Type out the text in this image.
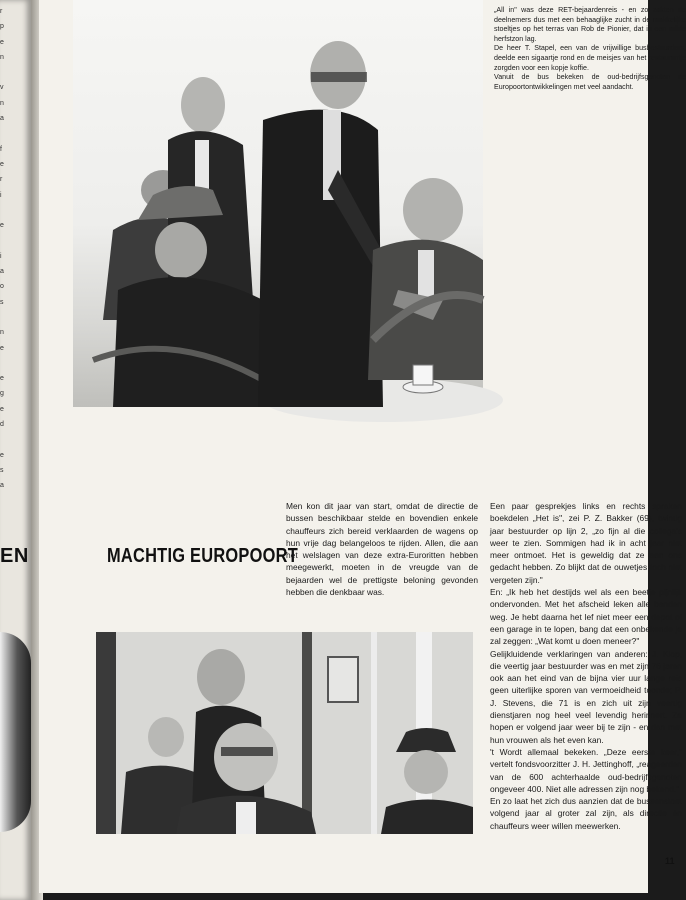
r
p
e
n

v
n
a

f
e
r
i

e

i
a
o
s

n
e

e
g
e
d

e
s
a
EN

„All in" was deze RET-bejaardenreis - en zo zakten de deelnemers dus met een behaaglijke zucht in de makkelijke stoeltjes op het terras van Rob de Pionier, dat in een milde herfstzon lag.

De heer T. Stapel, een van de vrijwillige busbestuurders, deelde een sigaartje rond en de meisjes van het restaurantje zorgden voor een kopje koffie.

Vanuit de bus bekeken de oud-bedrijfsgenoten de Europoortontwikkelingen met veel aandacht.

MACHTIG EUROPOORT

Men kon dit jaar van start, omdat de directie de bussen beschikbaar stelde en bovendien enkele chauffeurs zich bereid verklaarden de wagens op hun vrije dag belangeloos te rijden. Allen, die aan het welslagen van deze extra-Euroritten hebben meegewerkt, moeten in de vreugde van de bejaarden wel de prettigste beloning gevonden hebben die denkbaar was.

Een paar gesprekjes links en rechts spraken boekdelen „Het is", zei P. Z. Bakker (69), twintig jaar bestuurder op lijn 2, „zo fijn al die collega's weer te zien. Sommigen had ik in acht jaar niet meer ontmoet. Het is geweldig dat ze aan ons gedacht hebben. Zo blijkt dat de ouwetjes toch niet vergeten zijn."

En: „Ik heb het destijds wel als een beetje pijnlijk ondervonden. Met het afscheid leken alle banden weg. Je hebt daarna het lef niet meer een depot of een garage in te lopen, bang dat een onbekende je zal zeggen: „Wat komt u doen meneer?"

Gelijkluidende verklaringen van anderen: J. Klop, die veertig jaar bestuurder was en met zijn 76 jaren ook aan het eind van de bijna vier uur lange reis geen uiterlijke sporen van vermoeidheid toonde; P. J. Stevens, die 71 is en zich uit zijn veertig dienstjaren nog heel veel levendig herinnert. Ze hopen er volgend jaar weer bij te zijn - en dan met hun vrouwen als het even kan.

't Wordt allemaal bekeken. „Deze eerste keer," vertelt fondsvoorzitter J. H. Jettinghoff, „reageerden van de 600 achterhaalde oud-bedrijfsgenoten ongeveer 400. Niet alle adressen zijn nog bekend."

En zo laat het zich dus aanzien dat de bussenstoet volgend jaar al groter zal zijn, als directie én chauffeurs weer willen meewerken.

11
